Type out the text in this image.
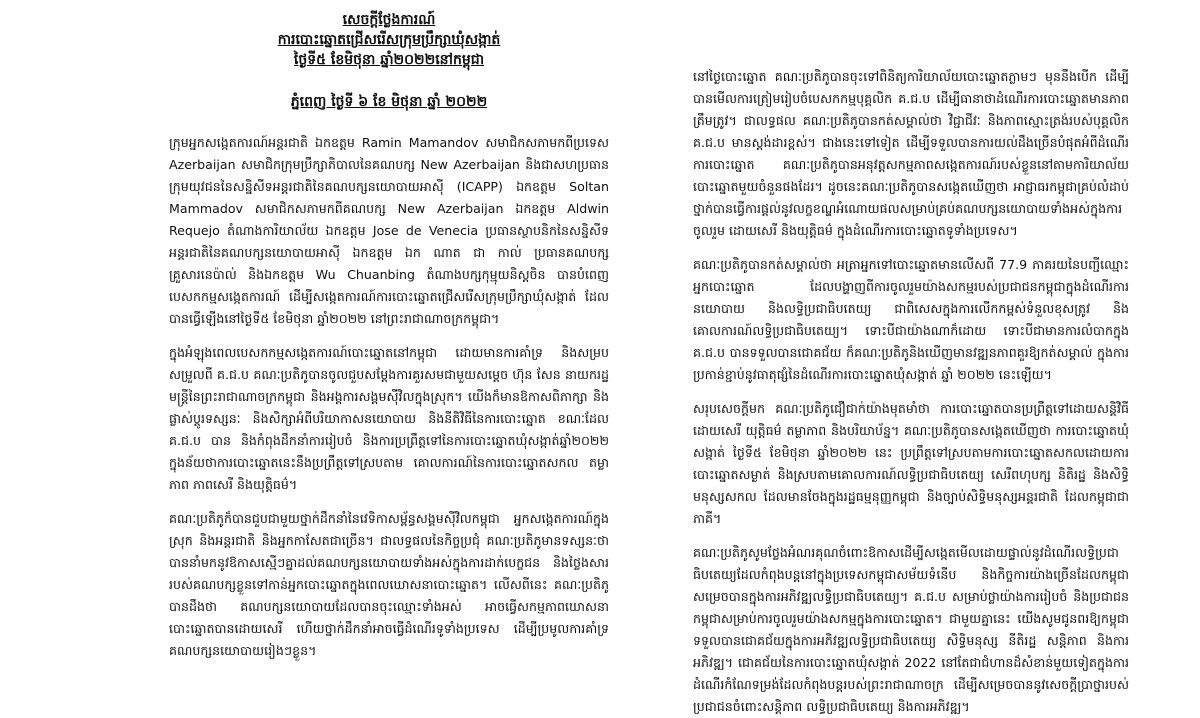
សេចក្តីថ្លែងការណ៍
ការបោះឆ្នោតជ្រើសរើសក្រុមប្រឹក្សាឃុំសង្កាត់
ថ្ងៃទី៥ ខែមិថុនា ឆ្នាំ២០២២នៅកម្ពុជា
ភ្នំពេញ ថ្ងៃទី ៦ ខែ មិថុនា ឆ្នាំ ២០២២

ក្រុមអ្នកសង្កេតការណ៍អន្តរជាតិ ឯកឧត្តម Ramin Mamandov សមាជិកសភាមកពីប្រទេស Azerbaijan សមាជិកក្រុមប្រឹក្សាភិបាលនៃគណបក្ស New Azerbaijan និងជាសហប្រធានក្រុមយុវជននៃសន្និសីទអន្តរជាតិនៃគណបក្សនយោបាយអាស៊ី (ICAPP) ឯកឧត្តម Soltan Mammadov សមាជិកសភាមកពីគណបក្ស New Azerbaijan ឯកឧត្តម Aldwin Requejo តំណាងការិយាល័យ ឯកឧត្តម Jose de Venecia ប្រធានស្ថាបនិកនៃសន្និសីទអន្តរជាតិនៃគណបក្សនយោបាយអាស៊ី ឯកឧត្តម ឯក ណាត ជា កាល់ ប្រធានគណបក្សគ្រួសារនេប៉ាល់ និងឯកឧត្តម Wu Chuanbing តំណាងបក្សកុម្មុយនិស្តចិន បានបំពេញបេសកកម្មសង្កេតការណ៍ ដើម្បីសង្កេតការណ៍ការបោះឆ្នោតជ្រើសរើសក្រុមប្រឹក្សាឃុំសង្កាត់ ដែលបានធ្វើឡើងនៅថ្ងៃទី៥ ខែមិថុនា ឆ្នាំ២០២២ នៅព្រះរាជាណាចក្រកម្ពុជា។

ក្នុងអំឡុងពេលបេសកកម្មសង្កេតការណ៍បោះឆ្នោតនៅកម្ពុជា ដោយមានការគាំទ្រ និងសម្របសម្រួលពី គ.ជ.ប គណៈប្រតិភូបានចូលជួបសម្តែងការគួរសមជាមួយសម្តេច ហ៊ុន សែន នាយករដ្ឋមន្ត្រីនៃព្រះរាជាណាចក្រកម្ពុជា និងអង្គការសង្គមស៊ីវិលក្នុងស្រុក។ យើងក៏មានឱកាសពិភាក្សា និងផ្លាស់ប្តូរទស្សនៈ និងសិក្សាអំពីបរិយាកាសនយោបាយ និងនីតិវិធីនៃការបោះឆ្នោត ខណៈដែល គ.ជ.ប បាន និងកំពុងដឹកនាំការរៀបចំ និងការប្រព្រឹត្តទៅនៃការបោះឆ្នោតឃុំសង្កាត់ឆ្នាំ២០២២ ក្នុងន័យថាការបោះឆ្នោតនេះនឹងប្រព្រឹត្តទៅស្របតាម គោលការណ៍នៃការបោះឆ្នោតសកល តម្លាភាព ភាពសេរី និងយុត្តិធម៌។

គណៈប្រតិភូក៏បានជួបជាមួយថ្នាក់ដឹកនាំនៃវេទិកាសម្ព័ន្ធសង្គមស៊ីវិលកម្ពុជា អ្នកសង្កេតការណ៍ក្នុងស្រុក និងអន្តរជាតិ និងអ្នកកាសែតជាច្រើន។ ជាលទ្ធផលនៃកិច្ចប្រជុំ គណៈប្រតិភូមានទស្សនៈថា បាននាំមកនូវឱកាសស្មើៗគ្នាដល់គណបក្សនយោបាយទាំងអស់ក្នុងការដាក់បេក្ខជន និងថ្លៃងសាររបស់គណបក្សខ្លួនទៅកាន់អ្នកបោះឆ្នោតក្នុងពេលឃោសនាបោះឆ្នោត។ លើសពីនេះ គណៈប្រតិភូបានដឹងថា គណបក្សនយោបាយដែលបានចុះឈ្មោះទាំងអស់ អាចធ្វើសកម្មភាពឃោសនាបោះឆ្នោតបានដោយសេរី ហើយថ្នាក់ដឹកនាំអាចធ្វើដំណើរទូទាំងប្រទេស ដើម្បីប្រមូលការគាំទ្រគណបក្សនយោបាយរៀងៗខ្លួន។

នៅថ្ងៃបោះឆ្នោត គណៈប្រតិភូបានចុះទៅពិនិត្យការិយាល័យបោះឆ្នោតភ្លាមៗ មុននឹងបើក ដើម្បីបានមើលការត្រៀមរៀបចំបេសកកម្មបុគ្គលិក គ.ជ.ប ដើម្បីធានាថាដំណើរការបោះឆ្នោតមានភាពត្រឹមត្រូវ។ ជាលទ្ធផល គណៈប្រតិភូបានកត់សម្គាល់ថា វិជ្ជាជីវៈ និងភាពស្មោះត្រង់របស់បុគ្គលិក គ.ជ.ប មានស្តង់ដារខ្ពស់។ ជាងនេះទៅទៀត ដើម្បីទទួលបានការយល់ដឹងច្រើនបំផុតអំពីដំណើរការបោះឆ្នោត គណៈប្រតិភូបានអនុវត្តសកម្មភាពសង្កេតការណ៍របស់ខ្លួននៅតាមការិយាល័យបោះឆ្នោតមួយចំនួនផងដែរ។ ដូចនេះគណៈប្រតិភូបានសង្កេតឃើញថា អាជ្ញាធរកម្ពុជាគ្រប់លំដាប់ថ្នាក់បានធ្វើការផ្តល់នូវលក្ខខណ្ឌអំណោយផលសម្រាប់គ្រប់គណបក្សនយោបាយទាំងអស់ក្នុងការចូលរួម ដោយសេរី និងយុត្តិធម៌ ក្នុងដំណើរការបោះឆ្នោតទូទាំងប្រទេស។

គណៈប្រតិភូបានកត់សម្គាល់ថា អត្រាអ្នកទៅបោះឆ្នោតមានលើសពី 77.9 ភាគរយនៃបញ្ជីឈ្មោះអ្នកបោះឆ្នោត ដែលបង្ហាញពីការចូលរួមយ៉ាងសកម្មរបស់ប្រជាជនកម្ពុជាក្នុងដំណើរការនយោបាយ និងលទ្ធិប្រជាធិបតេយ្យ ជាពិសេសក្នុងការលើកកម្ពស់ទំនួលខុសត្រូវ និងគោលការណ៍លទ្ធិប្រជាធិបតេយ្យ។ ទោះបីជាយ៉ាងណាក៏ដោយ ទោះបីជាមានការលំបាកក្នុង គ.ជ.ប បានទទួលបានជោគជ័យ ក៏គណៈប្រតិភូនិងឃើញមានវឌ្ឍនភាពគួរឱ្យកត់សម្គាល់ ក្នុងការប្រកាន់ខ្ជាប់នូវធាតុផ្សំនៃដំណើរការបោះឆ្នោតឃុំសង្កាត់ ឆ្នាំ ២០២២ នេះឡើយ។

សរុបសេចក្តីមក គណៈប្រតិភូជឿជាក់យ៉ាងមុតមាំថា ការបោះឆ្នោតបានប្រព្រឹត្តទៅដោយសន្តិវិធី ដោយសេរី យុត្តិធម៌ តម្លាភាព និងបរិយាប័ន្ន។ គណៈប្រតិភូបានសង្កេតឃើញថា ការបោះឆ្នោតឃុំសង្កាត់ ថ្ងៃទី៥ ខែមិថុនា ឆ្នាំ២០២២ នេះ ប្រព្រឹត្តទៅស្របតាមការបោះឆ្នោតសកលដោយការបោះឆ្នោតសម្ងាត់ និងស្របតាមគោលការណ៍លទ្ធិប្រជាធិបតេយ្យ សេរីពហុបក្ស និតិរដ្ឋ និងសិទ្ធិមនុស្សសកល ដែលមានចែងក្នុងរដ្ឋធម្មនុញ្ញកម្ពុជា និងច្បាប់សិទ្ធិមនុស្សអន្តរជាតិ ដែលកម្ពុជាជាភាគី។

គណៈប្រតិភូសូមថ្លែងអំណរគុណចំពោះឱកាសដើម្បីសង្កេតមើលដោយផ្ទាល់នូវដំណើរលទ្ធិប្រជាធិបតេយ្យដែលកំពុងបន្តនៅក្នុងប្រទេសកម្ពុជាសម័យទំនើប និងកិច្ចការយ៉ាងច្រើនដែលកម្ពុជាសម្រេចបានក្នុងការអភិវឌ្ឍលទ្ធិប្រជាធិបតេយ្យ។ គ.ជ.ប សម្រាប់ថ្លាយ៉ាងការរៀបចំ និងប្រជាជនកម្ពុជាសម្រាប់ការចូលរួមយ៉ាងសកម្មក្នុងការបោះឆ្នោត។ ជាមួយគ្នានេះ យើងសូមជូនពរឱ្យកម្ពុជាទទួលបានជោគជ័យក្នុងការអភិវឌ្ឍលទ្ធិប្រជាធិបតេយ្យ សិទ្ធិមនុស្ស នីតិរដ្ឋ សន្តិភាព និងការអភិវឌ្ឍ។ ជោគជ័យនៃការបោះឆ្នោតឃុំសង្កាត់ 2022 នៅតែជាជំហានដ៏សំខាន់មួយទៀតក្នុងការដំណើរកំណែទម្រង់ដែលកំពុងបន្តរបស់ព្រះរាជាណាចក្រ ដើម្បីសម្រេចបាននូវសេចក្តីប្រាថ្នារបស់ប្រជាជនចំពោះសន្តិភាព លទ្ធិប្រជាធិបតេយ្យ និងការអភិវឌ្ឍ។
